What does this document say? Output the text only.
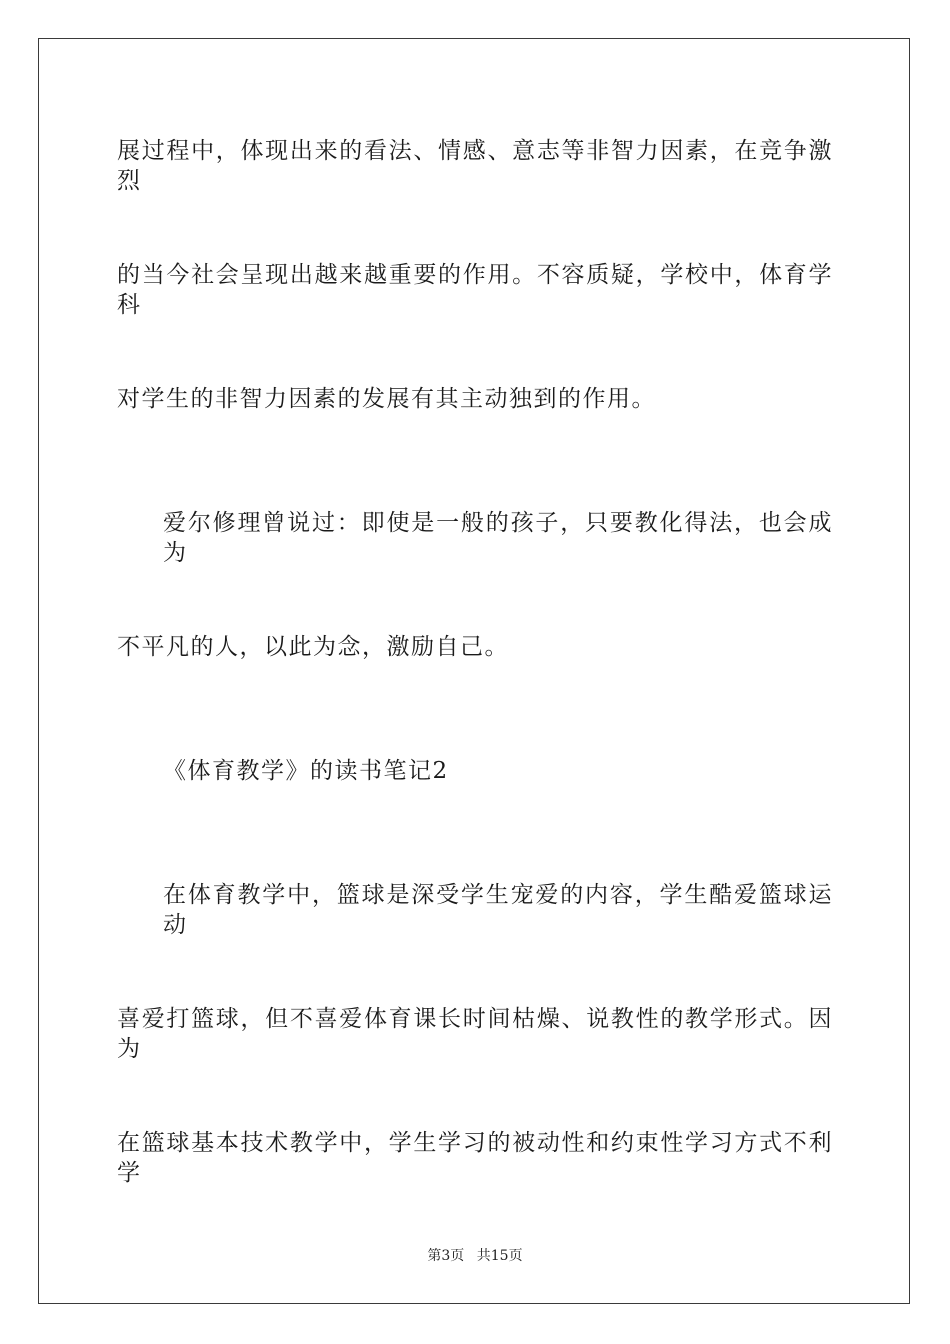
展过程中，体现出来的看法、情感、意志等非智力因素，在竞争激烈
的当今社会呈现出越来越重要的作用。不容质疑，学校中，体育学科
对学生的非智力因素的发展有其主动独到的作用。
爱尔修理曾说过：即使是一般的孩子，只要教化得法，也会成为
不平凡的人，以此为念，激励自己。
《体育教学》的读书笔记2
在体育教学中，篮球是深受学生宠爱的内容，学生酷爱篮球运动
喜爱打篮球，但不喜爱体育课长时间枯燥、说教性的教学形式。因为
在篮球基本技术教学中，学生学习的被动性和约束性学习方式不利学
第3页 共15页
